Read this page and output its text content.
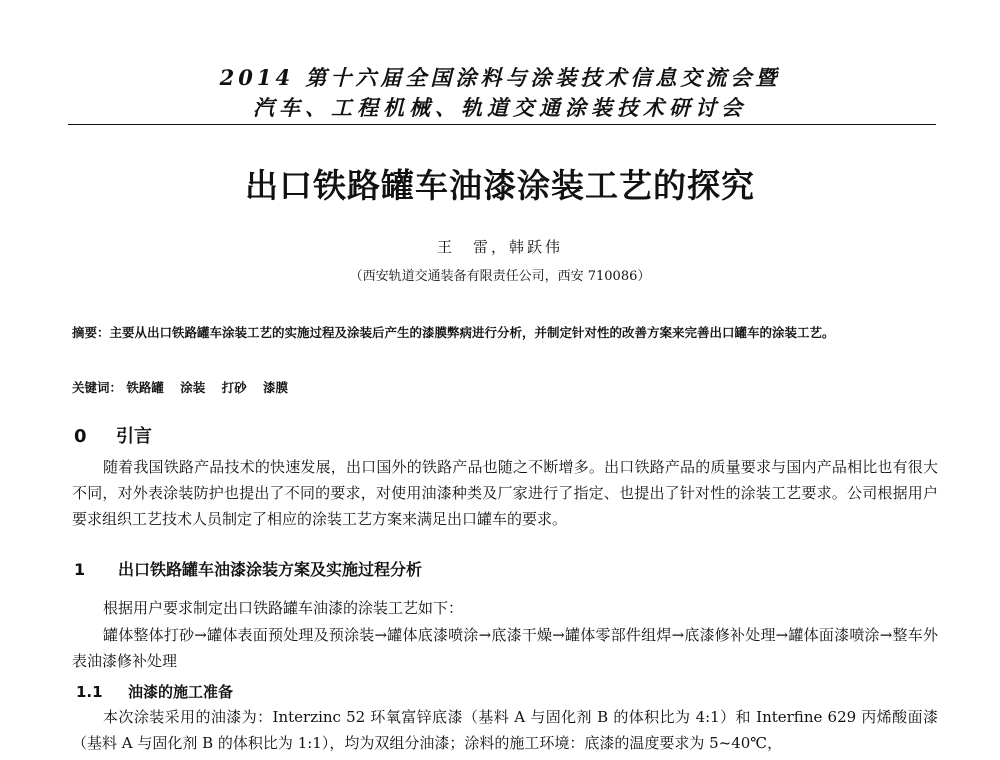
2014 第十六届全国涂料与涂装技术信息交流会暨
汽车、工程机械、轨道交通涂装技术研讨会
出口铁路罐车油漆涂装工艺的探究
王　雷，韩跃伟
（西安轨道交通装备有限责任公司，西安 710086）
摘要：主要从出口铁路罐车涂装工艺的实施过程及涂装后产生的漆膜弊病进行分析，并制定针对性的改善方案来完善出口罐车的涂装工艺。
关键词： 铁路罐 涂装 打砂 漆膜
0 引言
随着我国铁路产品技术的快速发展，出口国外的铁路产品也随之不断增多。出口铁路产品的质量要求与国内产品相比也有很大不同，对外表涂装防护也提出了不同的要求，对使用油漆种类及厂家进行了指定、也提出了针对性的涂装工艺要求。公司根据用户要求组织工艺技术人员制定了相应的涂装工艺方案来满足出口罐车的要求。
1 出口铁路罐车油漆涂装方案及实施过程分析
根据用户要求制定出口铁路罐车油漆的涂装工艺如下：
罐体整体打砂→罐体表面预处理及预涂装→罐体底漆喷涂→底漆干燥→罐体零部件组焊→底漆修补处理→罐体面漆喷涂→整车外表油漆修补处理
1.1 油漆的施工准备
本次涂装采用的油漆为：Interzinc 52 环氧富锌底漆（基料 A 与固化剂 B 的体积比为 4:1）和 Interfine 629 丙烯酸面漆（基料 A 与固化剂 B 的体积比为 1:1），均为双组分油漆；涂料的施工环境：底漆的温度要求为 5~40℃，
